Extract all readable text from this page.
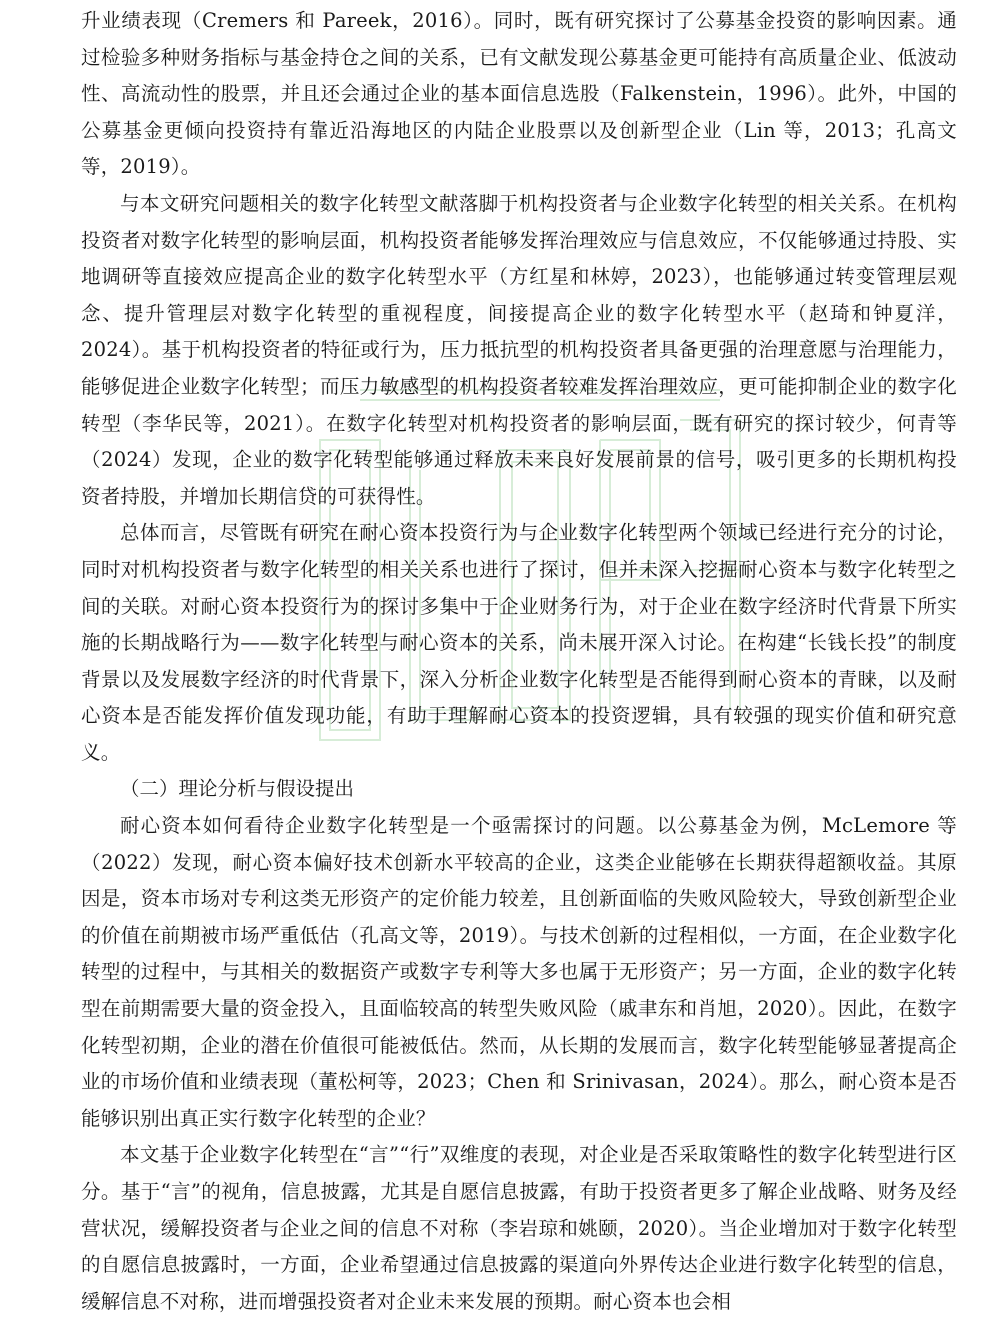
升业绩表现（Cremers 和 Pareek，2016）。同时，既有研究探讨了公募基金投资的影响因素。通过检验多种财务指标与基金持仓之间的关系，已有文献发现公募基金更可能持有高质量企业、低波动性、高流动性的股票，并且还会通过企业的基本面信息选股（Falkenstein，1996）。此外，中国的公募基金更倾向投资持有靠近沿海地区的内陆企业股票以及创新型企业（Lin 等，2013；孔高文等，2019）。

与本文研究问题相关的数字化转型文献落脚于机构投资者与企业数字化转型的相关关系。在机构投资者对数字化转型的影响层面，机构投资者能够发挥治理效应与信息效应，不仅能够通过持股、实地调研等直接效应提高企业的数字化转型水平（方红星和林婷，2023），也能够通过转变管理层观念、提升管理层对数字化转型的重视程度，间接提高企业的数字化转型水平（赵琦和钟夏洋，2024）。基于机构投资者的特征或行为，压力抵抗型的机构投资者具备更强的治理意愿与治理能力，能够促进企业数字化转型；而压力敏感型的机构投资者较难发挥治理效应，更可能抑制企业的数字化转型（李华民等，2021）。在数字化转型对机构投资者的影响层面，既有研究的探讨较少，何青等（2024）发现，企业的数字化转型能够通过释放未来良好发展前景的信号，吸引更多的长期机构投资者持股，并增加长期信贷的可获得性。

总体而言，尽管既有研究在耐心资本投资行为与企业数字化转型两个领域已经进行充分的讨论，同时对机构投资者与数字化转型的相关关系也进行了探讨，但并未深入挖掘耐心资本与数字化转型之间的关联。对耐心资本投资行为的探讨多集中于企业财务行为，对于企业在数字经济时代背景下所实施的长期战略行为——数字化转型与耐心资本的关系，尚未展开深入讨论。在构建“长钱长投”的制度背景以及发展数字经济的时代背景下，深入分析企业数字化转型是否能得到耐心资本的青睐，以及耐心资本是否能发挥价值发现功能，有助于理解耐心资本的投资逻辑，具有较强的现实价值和研究意义。

（二）理论分析与假设提出

耐心资本如何看待企业数字化转型是一个亟需探讨的问题。以公募基金为例，McLemore 等（2022）发现，耐心资本偏好技术创新水平较高的企业，这类企业能够在长期获得超额收益。其原因是，资本市场对专利这类无形资产的定价能力较差，且创新面临的失败风险较大，导致创新型企业的价值在前期被市场严重低估（孔高文等，2019）。与技术创新的过程相似，一方面，在企业数字化转型的过程中，与其相关的数据资产或数字专利等大多也属于无形资产；另一方面，企业的数字化转型在前期需要大量的资金投入，且面临较高的转型失败风险（戚聿东和肖旭，2020）。因此，在数字化转型初期，企业的潜在价值很可能被低估。然而，从长期的发展而言，数字化转型能够显著提高企业的市场价值和业绩表现（董松柯等，2023；Chen 和 Srinivasan，2024）。那么，耐心资本是否能够识别出真正实行数字化转型的企业？

本文基于企业数字化转型在“言”“行”双维度的表现，对企业是否采取策略性的数字化转型进行区分。基于“言”的视角，信息披露，尤其是自愿信息披露，有助于投资者更多了解企业战略、财务及经营状况，缓解投资者与企业之间的信息不对称（李岩琼和姚颐，2020）。当企业增加对于数字化转型的自愿信息披露时，一方面，企业希望通过信息披露的渠道向外界传达企业进行数字化转型的信息，缓解信息不对称，进而增强投资者对企业未来发展的预期。耐心资本也会相
